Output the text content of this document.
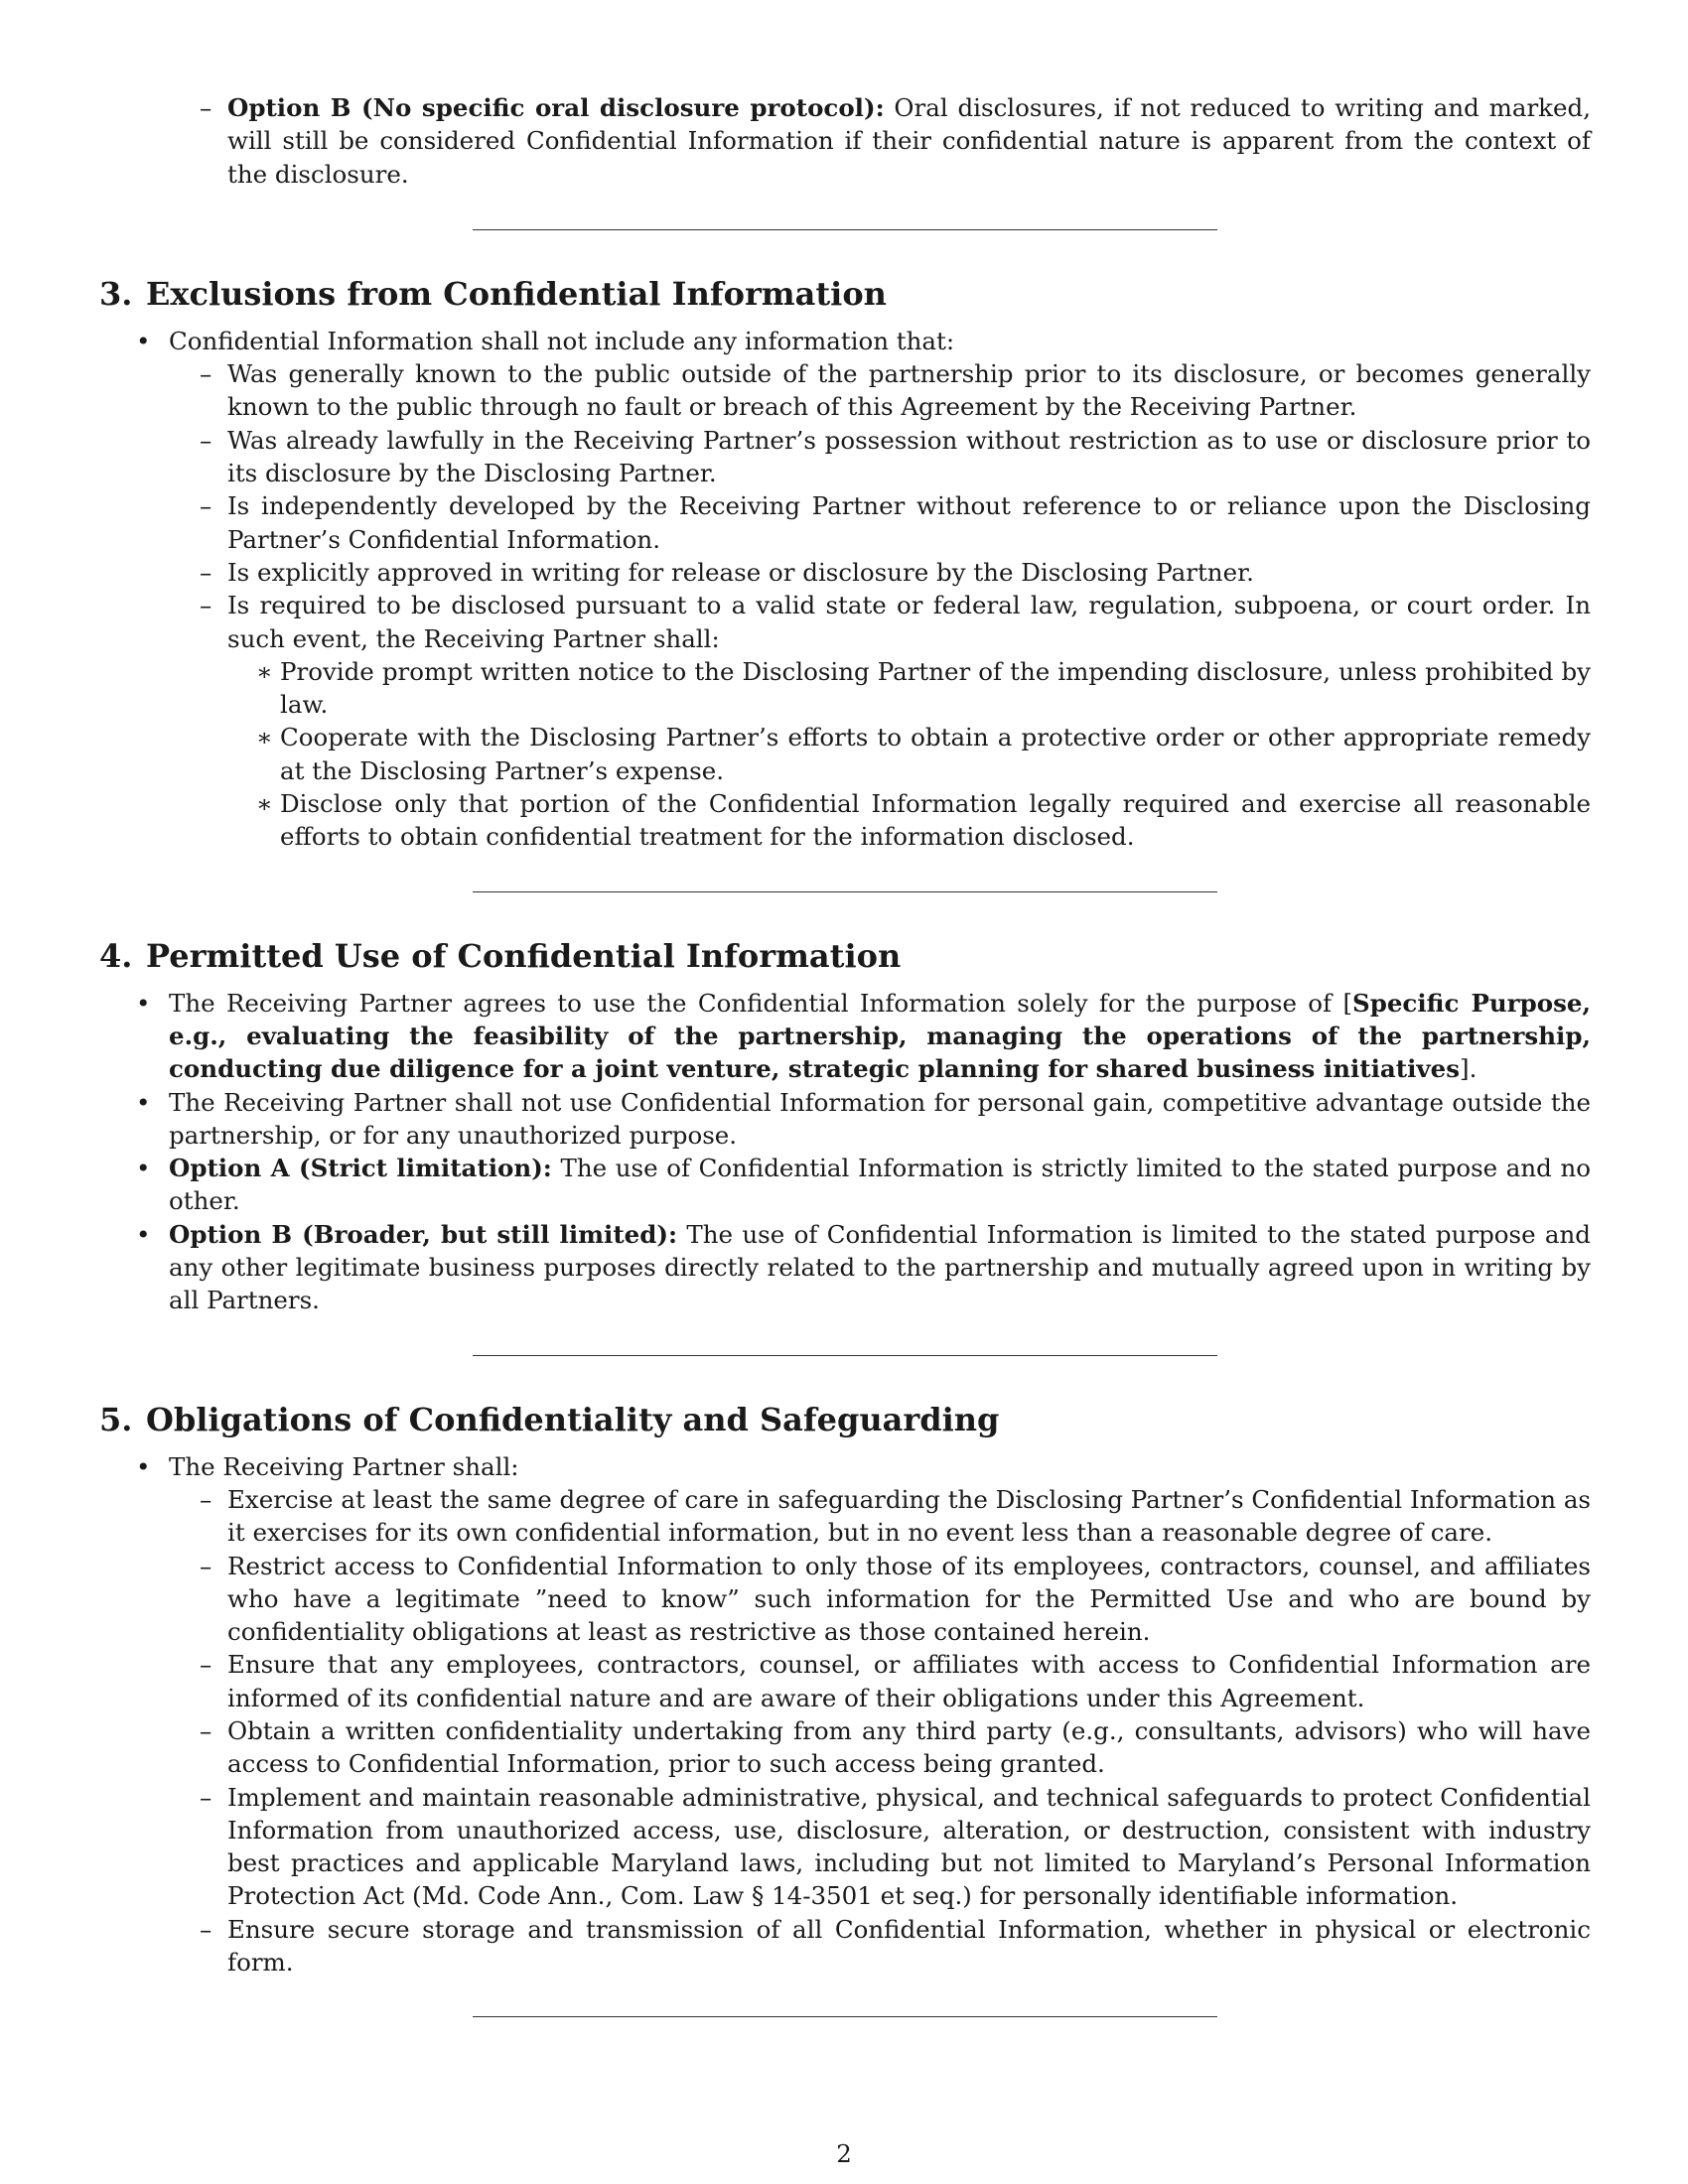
– Option B (No specific oral disclosure protocol): Oral disclosures, if not reduced to writing and marked, will still be considered Confidential Information if their confidential nature is apparent from the context of the disclosure.
3. Exclusions from Confidential Information
• Confidential Information shall not include any information that:
– Was generally known to the public outside of the partnership prior to its disclosure, or becomes generally known to the public through no fault or breach of this Agreement by the Receiving Partner.
– Was already lawfully in the Receiving Partner’s possession without restriction as to use or disclosure prior to its disclosure by the Disclosing Partner.
– Is independently developed by the Receiving Partner without reference to or reliance upon the Disclosing Partner’s Confidential Information.
– Is explicitly approved in writing for release or disclosure by the Disclosing Partner.
– Is required to be disclosed pursuant to a valid state or federal law, regulation, subpoena, or court order. In such event, the Receiving Partner shall:
∗ Provide prompt written notice to the Disclosing Partner of the impending disclosure, unless prohibited by law.
∗ Cooperate with the Disclosing Partner’s efforts to obtain a protective order or other appropriate remedy at the Disclosing Partner’s expense.
∗ Disclose only that portion of the Confidential Information legally required and exercise all reasonable efforts to obtain confidential treatment for the information disclosed.
4. Permitted Use of Confidential Information
• The Receiving Partner agrees to use the Confidential Information solely for the purpose of [Specific Purpose, e.g., evaluating the feasibility of the partnership, managing the operations of the partnership, conducting due diligence for a joint venture, strategic planning for shared business initiatives].
• The Receiving Partner shall not use Confidential Information for personal gain, competitive advantage outside the partnership, or for any unauthorized purpose.
• Option A (Strict limitation): The use of Confidential Information is strictly limited to the stated purpose and no other.
• Option B (Broader, but still limited): The use of Confidential Information is limited to the stated purpose and any other legitimate business purposes directly related to the partnership and mutually agreed upon in writing by all Partners.
5. Obligations of Confidentiality and Safeguarding
• The Receiving Partner shall:
– Exercise at least the same degree of care in safeguarding the Disclosing Partner’s Confidential Information as it exercises for its own confidential information, but in no event less than a reasonable degree of care.
– Restrict access to Confidential Information to only those of its employees, contractors, counsel, and affiliates who have a legitimate ”need to know” such information for the Permitted Use and who are bound by confidentiality obligations at least as restrictive as those contained herein.
– Ensure that any employees, contractors, counsel, or affiliates with access to Confidential Information are informed of its confidential nature and are aware of their obligations under this Agreement.
– Obtain a written confidentiality undertaking from any third party (e.g., consultants, advisors) who will have access to Confidential Information, prior to such access being granted.
– Implement and maintain reasonable administrative, physical, and technical safeguards to protect Confidential Information from unauthorized access, use, disclosure, alteration, or destruction, consistent with industry best practices and applicable Maryland laws, including but not limited to Maryland’s Personal Information Protection Act (Md. Code Ann., Com. Law § 14-3501 et seq.) for personally identifiable information.
– Ensure secure storage and transmission of all Confidential Information, whether in physical or electronic form.
2
